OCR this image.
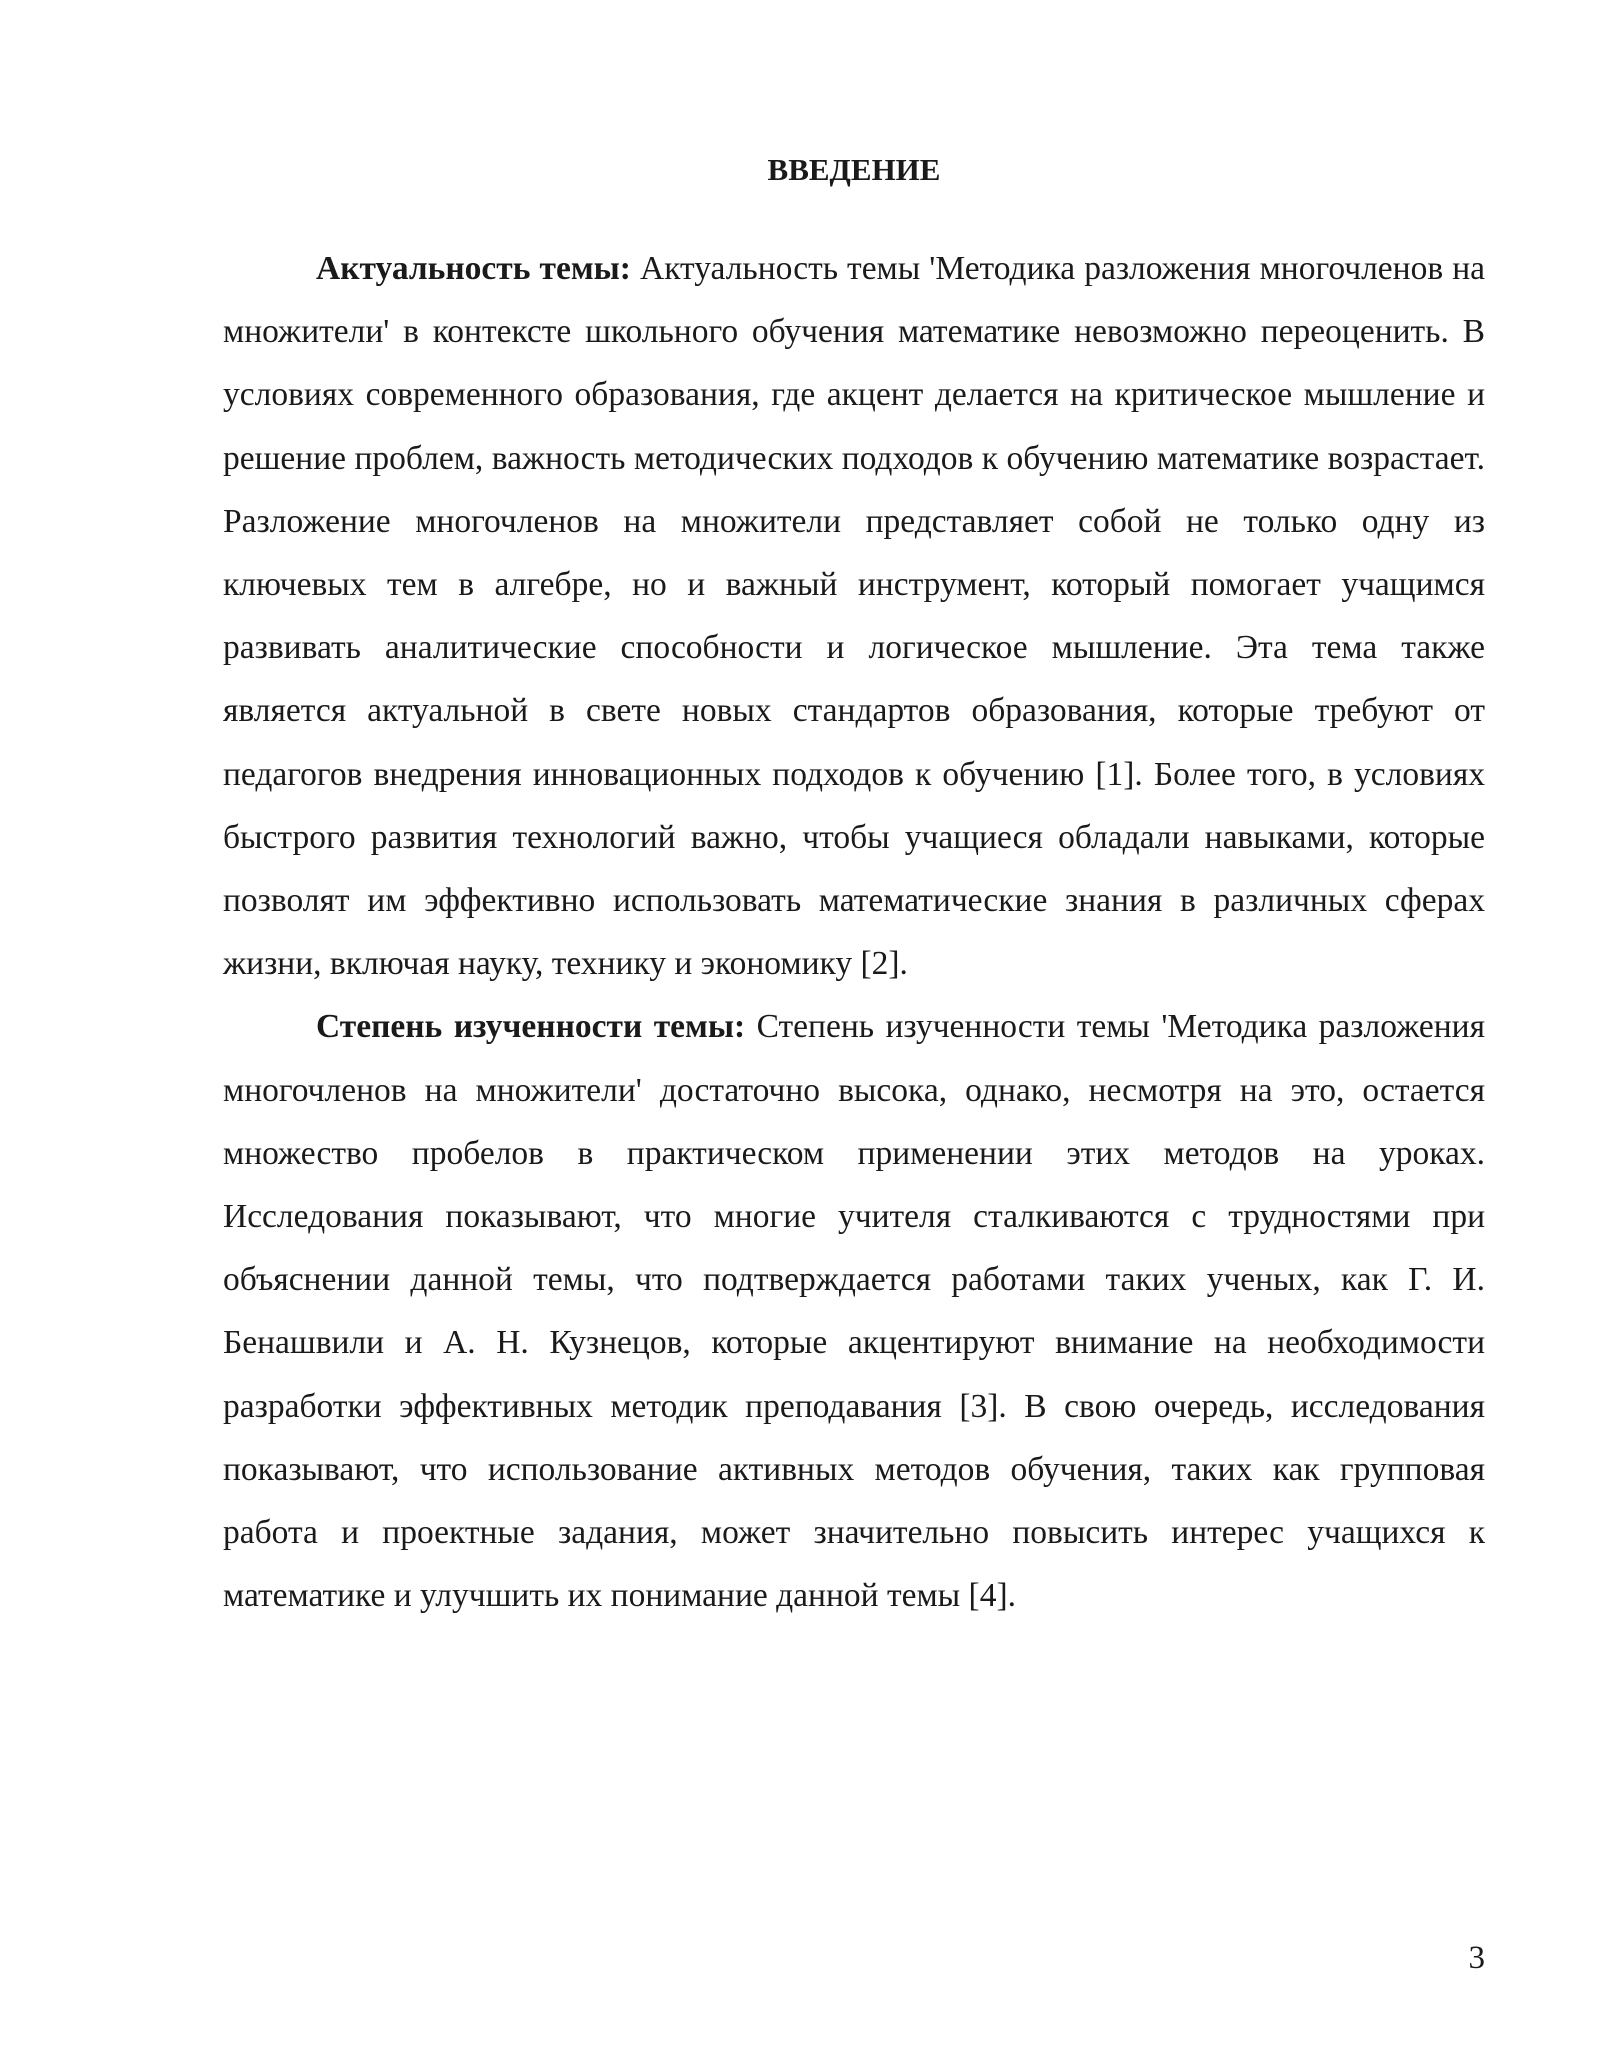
ВВЕДЕНИЕ

Актуальность темы: Актуальность темы 'Методика разложения многочленов на множители' в контексте школьного обучения математике невозможно переоценить. В условиях современного образования, где акцент делается на критическое мышление и решение проблем, важность методических подходов к обучению математике возрастает. Разложение многочленов на множители представляет собой не только одну из ключевых тем в алгебре, но и важный инструмент, который помогает учащимся развивать аналитические способности и логическое мышление. Эта тема также является актуальной в свете новых стандартов образования, которые требуют от педагогов внедрения инновационных подходов к обучению [1]. Более того, в условиях быстрого развития технологий важно, чтобы учащиеся обладали навыками, которые позволят им эффективно использовать математические знания в различных сферах жизни, включая науку, технику и экономику [2].

Степень изученности темы: Степень изученности темы 'Методика разложения многочленов на множители' достаточно высока, однако, несмотря на это, остается множество пробелов в практическом применении этих методов на уроках. Исследования показывают, что многие учителя сталкиваются с трудностями при объяснении данной темы, что подтверждается работами таких ученых, как Г. И. Бенашвили и А. Н. Кузнецов, которые акцентируют внимание на необходимости разработки эффективных методик преподавания [3]. В свою очередь, исследования показывают, что использование активных методов обучения, таких как групповая работа и проектные задания, может значительно повысить интерес учащихся к математике и улучшить их понимание данной темы [4].

3
